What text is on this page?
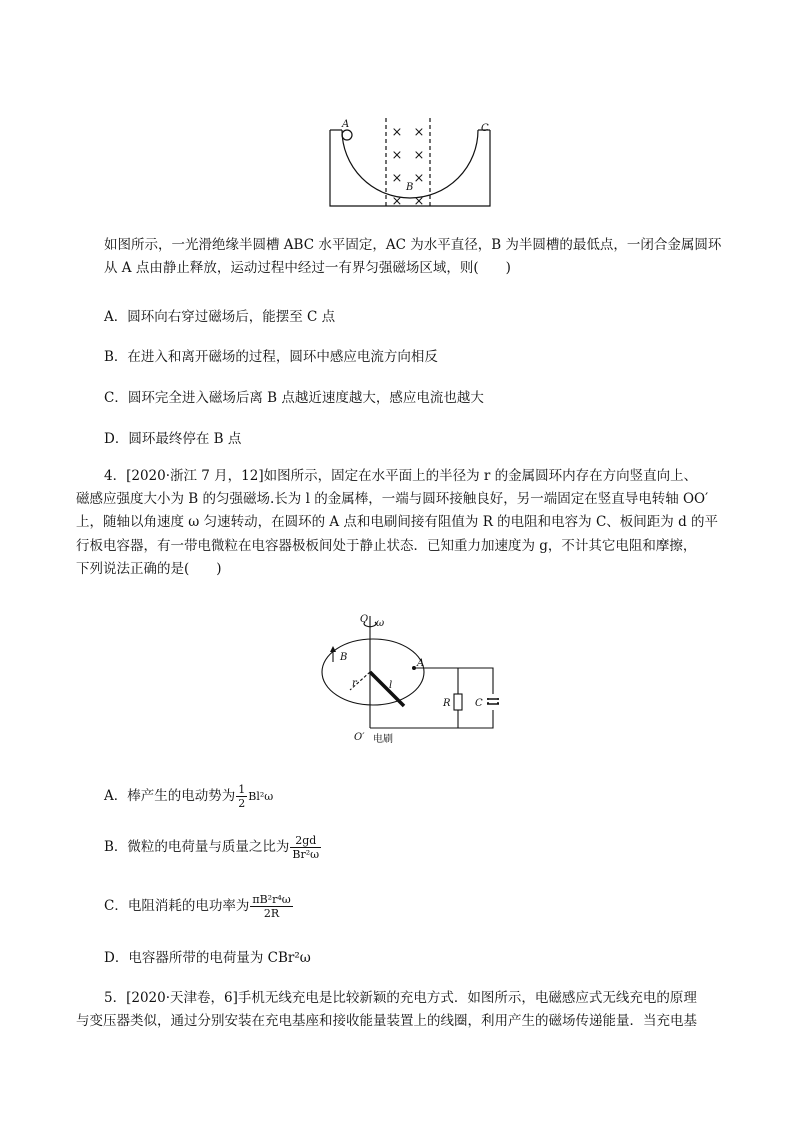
× ×
× ×
× ×
× ×
A	C
B
如图所示，一光滑绝缘半圆槽 ABC 水平固定，AC 为水平直径，B 为半圆槽的最低点，一闭合金属圆环
从 A 点由静止释放，运动过程中经过一有界匀强磁场区域，则(　　)
A．圆环向右穿过磁场后，能摆至 C 点
B．在进入和离开磁场的过程，圆环中感应电流方向相反
C．圆环完全进入磁场后离 B 点越近速度越大，感应电流也越大
D．圆环最终停在 B 点
4．[2020·浙江 7 月，12]如图所示，固定在水平面上的半径为 r 的金属圆环内存在方向竖直向上、
磁感应强度大小为 B 的匀强磁场.长为 l 的金属棒，一端与圆环接触良好，另一端固定在竖直导电转轴 OO′
上，随轴以角速度 ω 匀速转动，在圆环的 A 点和电刷间接有阻值为 R 的电阻和电容为 C、板间距为 d 的平
行板电容器，有一带电微粒在电容器极板间处于静止状态．已知重力加速度为 g，不计其它电阻和摩擦，
下列说法正确的是(　　)
O ω
B
A
r	l
R C
O′ 电刷
A．棒产生的电动势为 $\frac{1}{2} Bl^2\omega$
B．微粒的电荷量与质量之比为 $\frac{2gd}{\text{Br²ω}}$
C．电阻消耗的电功率为 $\frac{\text{πB²r⁴ω}}{2R}$
D．电容器所带的电荷量为 CBr²ω
5．[2020·天津卷，6]手机无线充电是比较新颖的充电方式．如图所示，电磁感应式无线充电的原理
与变压器类似，通过分别安装在充电基座和接收能量装置上的线圈，利用产生的磁场传递能量．当充电基
